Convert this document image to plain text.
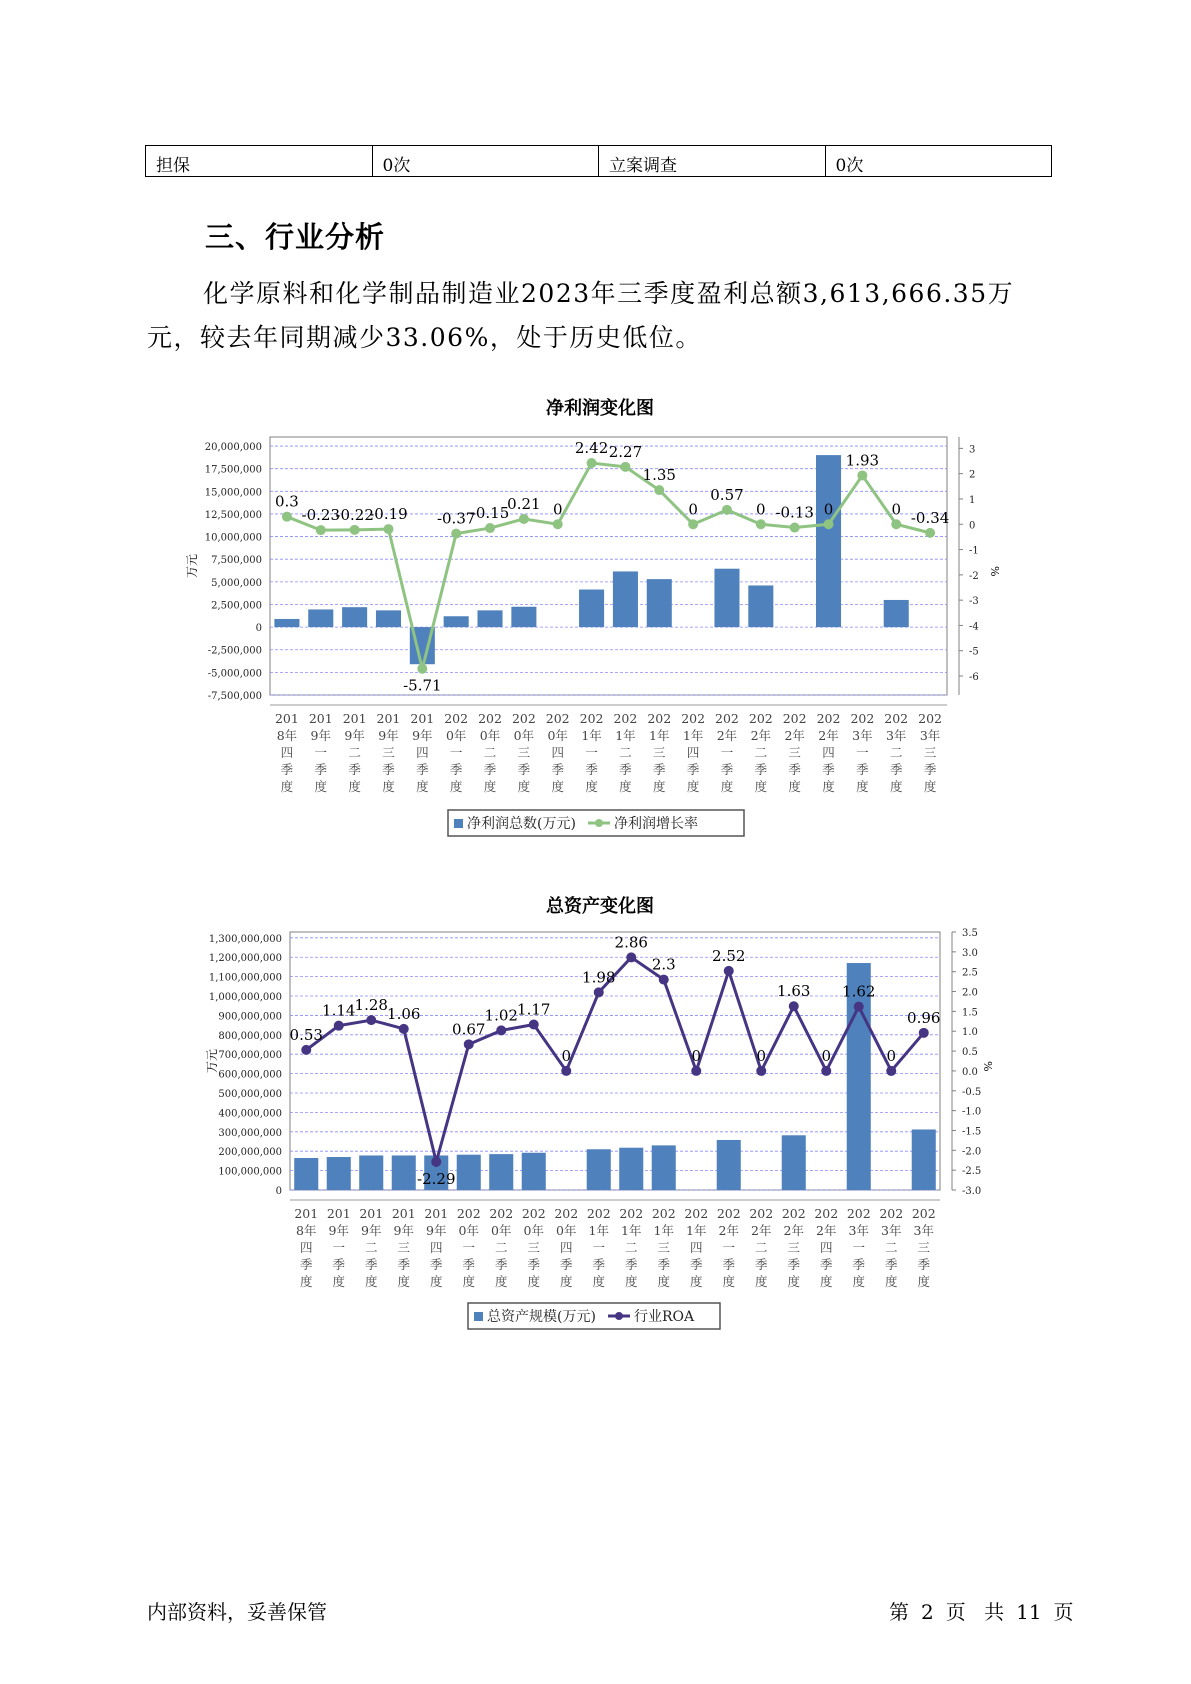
担保	0次	立案调查	0次
三、行业分析

化学原料和化学制品制造业2023年三季度盈利总额3,613,666.35万元，较去年同期减少33.06%，处于历史低位。

净利润变化图
20,000,000
17,500,000
15,000,000
12,500,000
10,000,000
7,500,000
5,000,000
2,500,000
0
-2,500,000
-5,000,000
-7,500,000
3
2
1
0
-1
-2
-3
-4
-5
-6
万元	%
0.3
-0.23
-0.22
-0.19
-5.71
-0.37
-0.15
0.21 0
2.42 2.27
1.35
0
0.57
0 -0.13 0
1.93
0 -0.34
201
8年
四
季
度
201
9年
一
季
度
201
9年
二
季
度
201
9年
三
季
度
201
9年
四
季
度
202
0年
一
季
度
202
0年
二
季
度
202
0年
三
季
度
202
0年
四
季
度
202
1年
一
季
度
202
1年
二
季
度
202
1年
三
季
度
202
1年
四
季
度
202
2年
一
季
度
202
2年
二
季
度
202
2年
三
季
度
202
2年
四
季
度
202
3年
一
季
度
202
3年
二
季
度
202
3年
三
季
度
净利润总数(万元)	净利润增长率
总资产变化图
1,300,000,000
1,200,000,000
1,100,000,000
1,000,000,000
900,000,000
800,000,000
700,000,000
600,000,000
500,000,000
400,000,000
300,000,000
200,000,000
100,000,000
0
3.5
3.0
2.5
2.0
1.5
1.0
0.5
0.0
-0.5
-1.0
-1.5
-2.0
-2.5
-3.0
万元	%
0.53
1.14 1.28 1.06
-2.29
0.67
1.02 1.17
0
1.98
2.86
2.3
0
2.52
0
1.63
0
1.62
0
0.96
201
8年
四
季
度
201
9年
一
季
度
201
9年
二
季
度
201
9年
三
季
度
201
9年
四
季
度
202
0年
一
季
度
202
0年
二
季
度
202
0年
三
季
度
202
0年
四
季
度
202
1年
一
季
度
202
1年
二
季
度
202
1年
三
季
度
202
1年
四
季
度
202
2年
一
季
度
202
2年
二
季
度
202
2年
三
季
度
202
2年
四
季
度
202
3年
一
季
度
202
3年
二
季
度
202
3年
三
季
度
总资产规模(万元)	行业ROA
内部资料，妥善保管	第 2 页 共 11 页
